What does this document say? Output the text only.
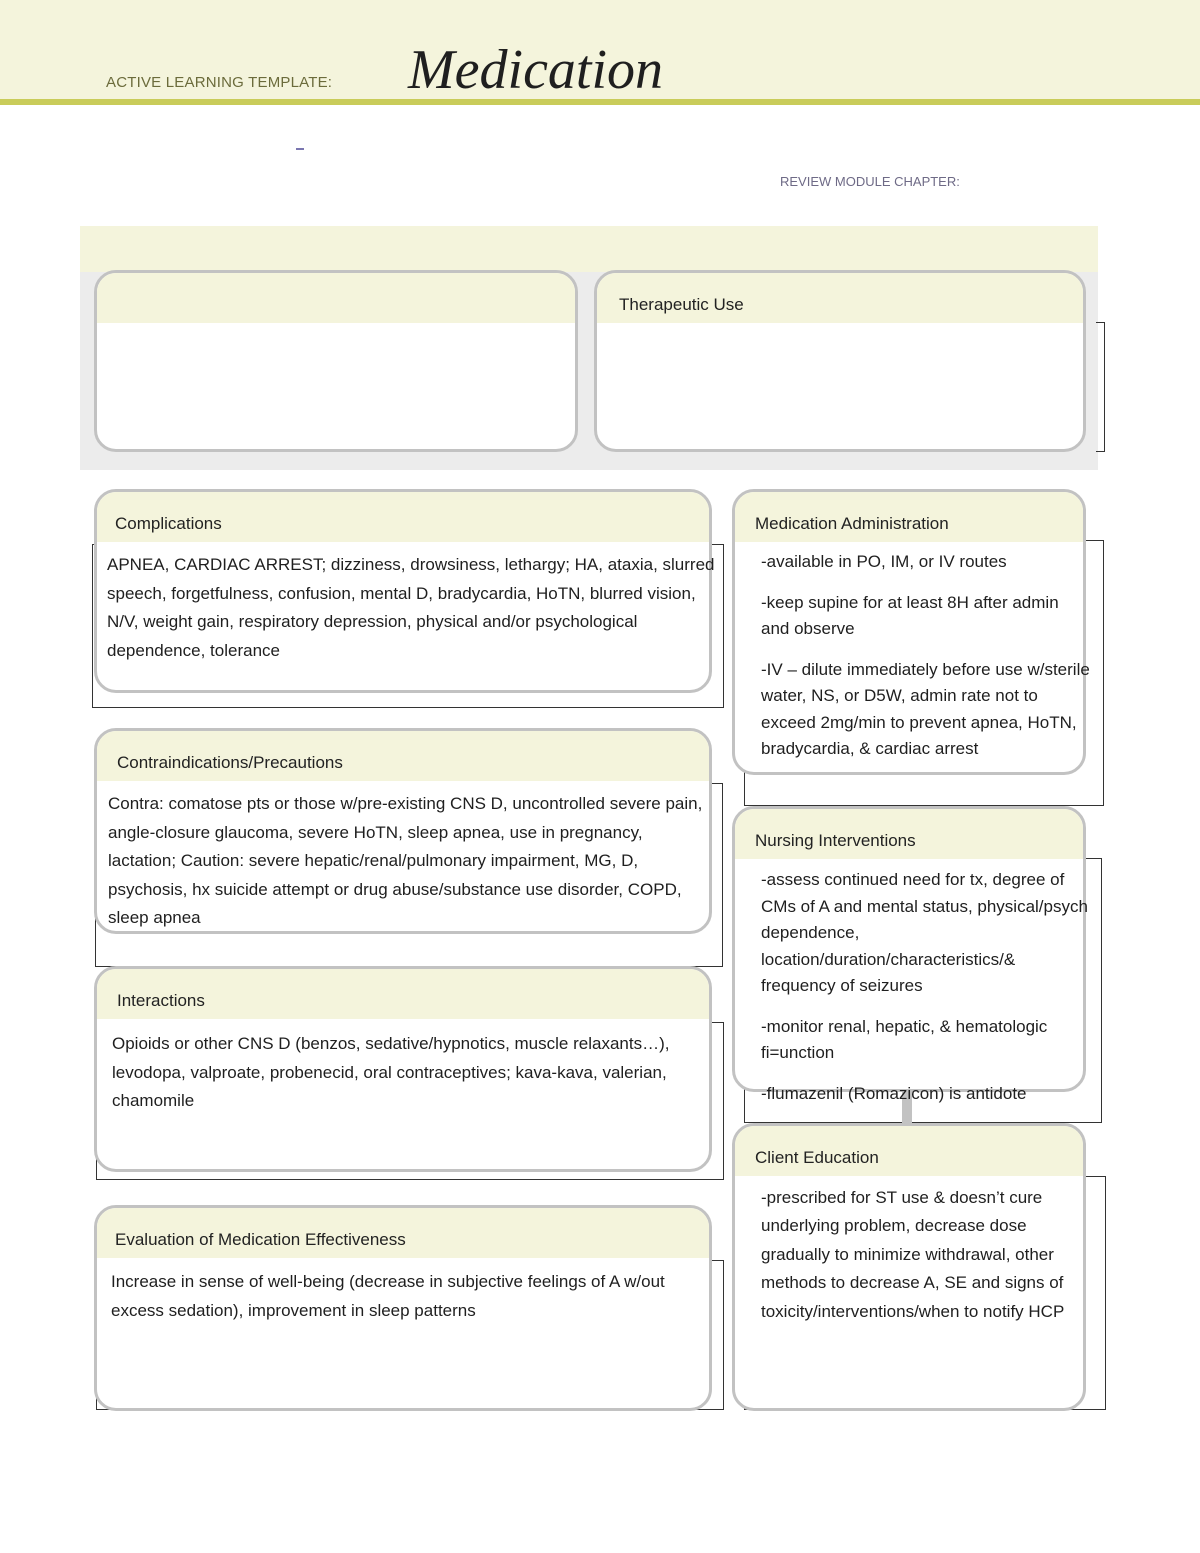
ACTIVE LEARNING TEMPLATE: Medication
REVIEW MODULE CHAPTER:
Therapeutic Use
Complications
APNEA, CARDIAC ARREST; dizziness, drowsiness, lethargy; HA, ataxia, slurred speech, forgetfulness, confusion, mental D, bradycardia, HoTN, blurred vision, N/V, weight gain, respiratory depression, physical and/or psychological dependence, tolerance
Contraindications/Precautions
Contra: comatose pts or those w/pre-existing CNS D, uncontrolled severe pain, angle-closure glaucoma, severe HoTN, sleep apnea, use in pregnancy, lactation; Caution: severe hepatic/renal/pulmonary impairment, MG, D, psychosis, hx suicide attempt or drug abuse/substance use disorder, COPD, sleep apnea
Interactions
Opioids or other CNS D (benzos, sedative/hypnotics, muscle relaxants…), levodopa, valproate, probenecid, oral contraceptives; kava-kava, valerian, chamomile
Evaluation of Medication Effectiveness
Increase in sense of well-being (decrease in subjective feelings of A w/out excess sedation), improvement in sleep patterns
Medication Administration

-available in PO, IM, or IV routes

-keep supine for at least 8H after admin and observe

-IV – dilute immediately before use w/sterile water, NS, or D5W, admin rate not to exceed 2mg/min to prevent apnea, HoTN, bradycardia, & cardiac arrest

Nursing Interventions

-assess continued need for tx, degree of CMs of A and mental status, physical/psych dependence, location/duration/characteristics/& frequency of seizures

-monitor renal, hepatic, & hematologic fi=unction

-flumazenil (Romazicon) is antidote

Client Education
-prescribed for ST use & doesn’t cure underlying problem, decrease dose gradually to minimize withdrawal, other methods to decrease A, SE and signs of toxicity/interventions/when to notify HCP
